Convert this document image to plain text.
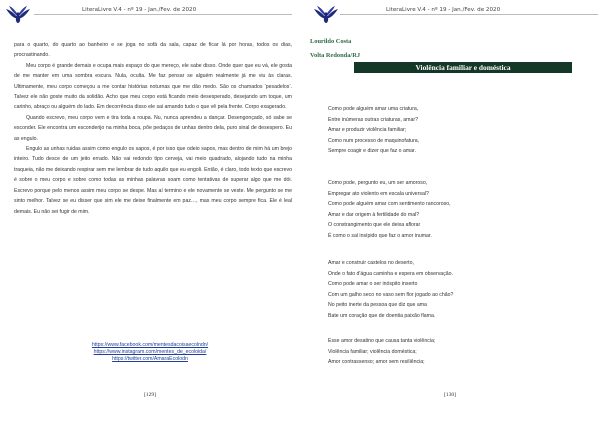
LiteraLivre V.4 - nº 19 - Jan./Fev. de 2020

para o quarto, do quarto ao banheiro e se joga no sofá da sala, capaz de ficar lá por horas, todos os dias, procrastinando.

Meu corpo é grande demais e ocupa mais espaço do que mereço, ele sabe disso. Onde quer que eu vá, ele gosta de me manter em uma sombra escura. Nula, oculta. Me faz pensar se alguém realmente já me viu às claras. Ultimamente, meu corpo começou a me contar histórias noturnas que me dão medo. São os chamados ‘pesadelos’. Talvez ele não goste muito da solidão. Acho que meu corpo está ficando meio desesperado, desejando um toque, um carinho, abraço ou alguém do lado. Em decorrência disso ele sai amando tudo o que vê pela frente. Corpo exagerado.

Quando escrevo, meu corpo vem e tira toda a roupa. Nu, nunca aprendeu a dançar. Desengonçado, só sabe se esconder. Ele encontra um esconderijo na minha boca, põe pedaços de unhas dentro dela, puro sinal de desespero. Eu as engulo.

Engulo as unhas ruidas assim como engulo os sapos, é por isso que odeio sapos, mas dentro de mim há um brejo inteiro. Tudo desce de um jeito errado. Não vai redondo tipo cerveja, vai meio quadrado, alojando tudo na minha traqueia, não me deixando respirar sem me lembrar de tudo aquilo que eu engoli. Então, é claro, todo texto que escrevo é sobre o meu corpo e sobre como todas as minhas palavras soam como tentativas de superar algo que me dói. Escrevo porque pelo menos assim meu corpo se despe. Mas aí termino e ele novamente se veste. Me pergunto se me sinto melhor. Talvez se eu disser que sim ele me deixe finalmente em paz…, mas meu corpo sempre fica. Ele é leal demais. Eu não sei fugir de mim.

https://www.facebook.com/mentesdacoisaecolndn/
https://www.instagram.com/mentes_de_ecoloida/
https://twitter.com/AmaraEcolodn
[129]
LiteraLivre V.4 - nº 19 - Jan./Fev. de 2020
Lourildo Costa
Volta Redonda/RJ
Violência familiar e doméstica
Como pode alguém amar uma criatura,
Entre inúmeras outras criaturas, amar?
Amar e produzir violência familiar;
Como num processo de maquinofatura,
Sempre coagir e dizer que faz o amar.
Como pode, pergunto eu, um ser amoroso,
Empregar ato violento em escala universal?
Como pode alguém amar com sentimento rancoroso,
Amar e dar origem à fertilidade do mal?
O constrangimento que ele deixa aflorar
É como o sal insípido que faz o amor inumar.
Amar e construir castelos no deserto,
Onde o fato d'água caminha e espera em observação.
Como pode amar o ser inóspito inserto
Com um galho seco no vaso sem flor jogado ao chão?
No peito inerte da pessoa que diz que ama
Bate um coração que de doentia paixão flama.
Esse amor desatino que causa tanta violência;
Violência familiar; violência doméstica;
Amor contrassenso; amor sem resiliência;
[130]
